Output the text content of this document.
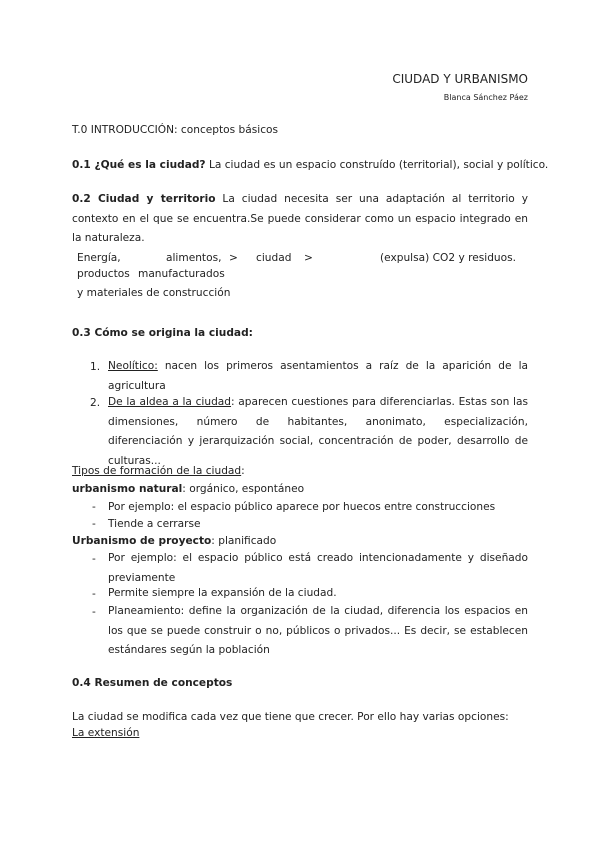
CIUDAD Y URBANISMO
Blanca Sánchez Páez
T.0 INTRODUCCIÓN: conceptos básicos
0.1 ¿Qué es la ciudad? La ciudad es un espacio construído (territorial), social y político.
0.2 Ciudad y territorio La ciudad necesita ser una adaptación al territorio y contexto en el que se encuentra.Se puede considerar como un espacio integrado en la naturaleza.
Energía,	alimentos,
productos manufacturados
y materiales de construcción
> ciudad >	(expulsa) CO2 y residuos.
0.3 Cómo se origina la ciudad:
1. Neolítico: nacen los primeros asentamientos a raíz de la aparición de la agricultura
2. De la aldea a la ciudad: aparecen cuestiones para diferenciarlas. Estas son las dimensiones, número de habitantes, anonimato, especialización, diferenciación y jerarquización social, concentración de poder, desarrollo de culturas...
Tipos de formación de la ciudad:
urbanismo natural: orgánico, espontáneo
- Por ejemplo: el espacio público aparece por huecos entre construcciones
- Tiende a cerrarse
Urbanismo de proyecto: planificado
- Por ejemplo: el espacio público está creado intencionadamente y diseñado previamente
- Permite siempre la expansión de la ciudad.
- Planeamiento: define la organización de la ciudad, diferencia los espacios en los que se puede construir o no, públicos o privados... Es decir, se establecen estándares según la población
0.4 Resumen de conceptos
La ciudad se modifica cada vez que tiene que crecer. Por ello hay varias opciones:
La extensión
